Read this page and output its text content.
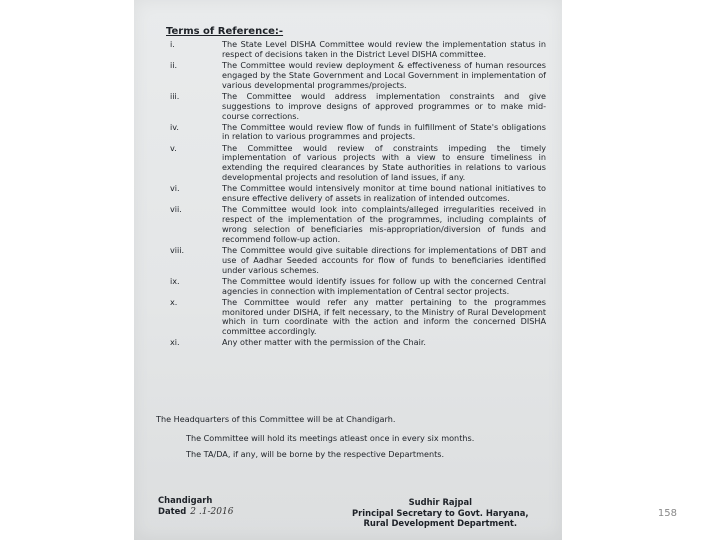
Terms of Reference:-
i.	The State Level DISHA Committee would review the implementation status in respect of decisions taken in the District Level DISHA committee.
ii.	The Committee would review deployment & effectiveness of human resources engaged by the State Government and Local Government in implementation of various developmental programmes/projects.
iii.	The Committee would address implementation constraints and give suggestions to improve designs of approved programmes or to make mid-course corrections.
iv.	The Committee would review flow of funds in fulfillment of State's obligations in relation to various programmes and projects.
v.	The Committee would review of constraints impeding the timely implementation of various projects with a view to ensure timeliness in extending the required clearances by State authorities in relations to various developmental projects and resolution of land issues, if any.
vi.	The Committee would intensively monitor at time bound national initiatives to ensure effective delivery of assets in realization of intended outcomes.
vii.	The Committee would look into complaints/alleged irregularities received in respect of the implementation of the programmes, including complaints of wrong selection of beneficiaries mis-appropriation/diversion of funds and recommend follow-up action.
viii.	The Committee would give suitable directions for implementations of DBT and use of Aadhar Seeded accounts for flow of funds to beneficiaries identified under various schemes.
ix.	The Committee would identify issues for follow up with the concerned Central agencies in connection with implementation of Central sector projects.
x.	The Committee would refer any matter pertaining to the programmes monitored under DISHA, if felt necessary, to the Ministry of Rural Development which in turn coordinate with the action and inform the concerned DISHA committee accordingly.
xi.	Any other matter with the permission of the Chair.
The Headquarters of this Committee will be at Chandigarh.
The Committee will hold its meetings atleast once in every six months.
The TA/DA, if any, will be borne by the respective Departments.
Chandigarh
Dated 2 .1-2016
Sudhir Rajpal
Principal Secretary to Govt. Haryana,
Rural Development Department.
158
